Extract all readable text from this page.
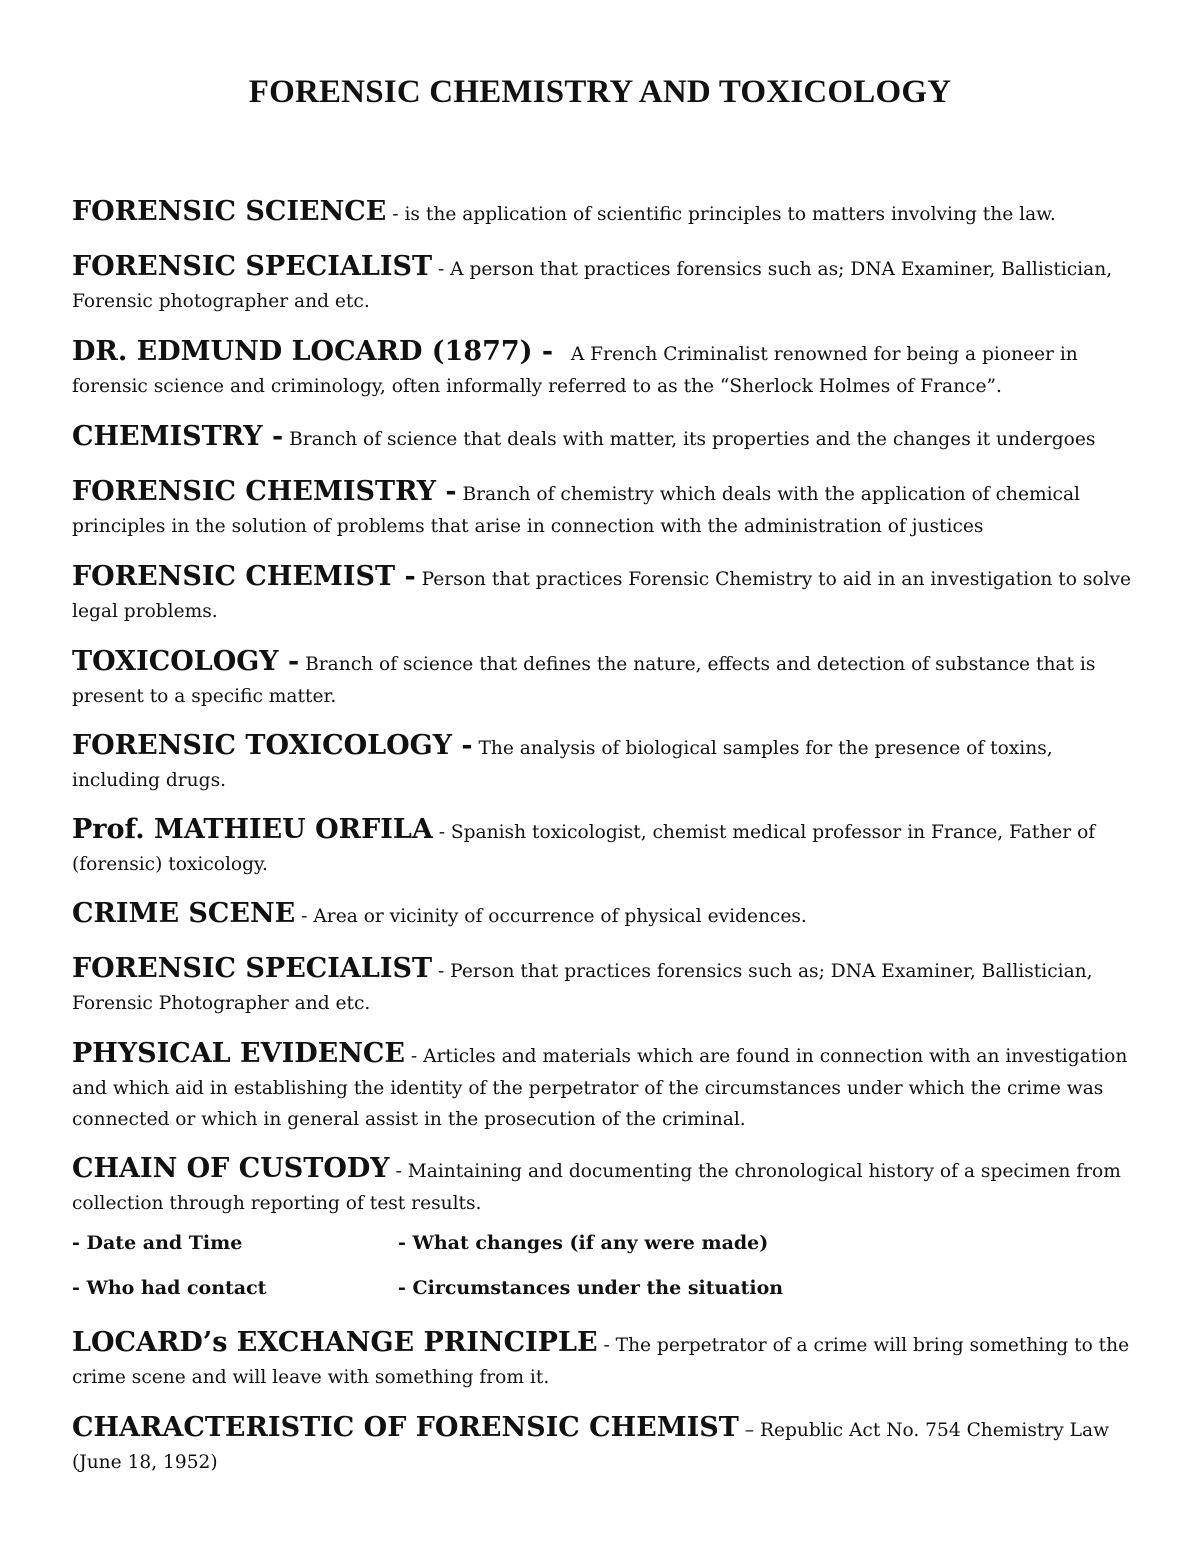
FORENSIC CHEMISTRY AND TOXICOLOGY
FORENSIC SCIENCE - is the application of scientific principles to matters involving the law.
FORENSIC SPECIALIST - A person that practices forensics such as; DNA Examiner, Ballistician, Forensic photographer and etc.
DR. EDMUND LOCARD (1877) - A French Criminalist renowned for being a pioneer in forensic science and criminology, often informally referred to as the “Sherlock Holmes of France”.
CHEMISTRY - Branch of science that deals with matter, its properties and the changes it undergoes
FORENSIC CHEMISTRY - Branch of chemistry which deals with the application of chemical principles in the solution of problems that arise in connection with the administration of justices
FORENSIC CHEMIST - Person that practices Forensic Chemistry to aid in an investigation to solve legal problems.
TOXICOLOGY - Branch of science that defines the nature, effects and detection of substance that is present to a specific matter.
FORENSIC TOXICOLOGY - The analysis of biological samples for the presence of toxins, including drugs.
Prof. MATHIEU ORFILA - Spanish toxicologist, chemist medical professor in France, Father of (forensic) toxicology.
CRIME SCENE - Area or vicinity of occurrence of physical evidences.
FORENSIC SPECIALIST - Person that practices forensics such as; DNA Examiner, Ballistician, Forensic Photographer and etc.
PHYSICAL EVIDENCE - Articles and materials which are found in connection with an investigation and which aid in establishing the identity of the perpetrator of the circumstances under which the crime was connected or which in general assist in the prosecution of the criminal.
CHAIN OF CUSTODY - Maintaining and documenting the chronological history of a specimen from collection through reporting of test results.
- Date and Time	- What changes (if any were made)
- Who had contact	- Circumstances under the situation
LOCARD’s EXCHANGE PRINCIPLE - The perpetrator of a crime will bring something to the crime scene and will leave with something from it.
CHARACTERISTIC OF FORENSIC CHEMIST – Republic Act No. 754 Chemistry Law (June 18, 1952)
